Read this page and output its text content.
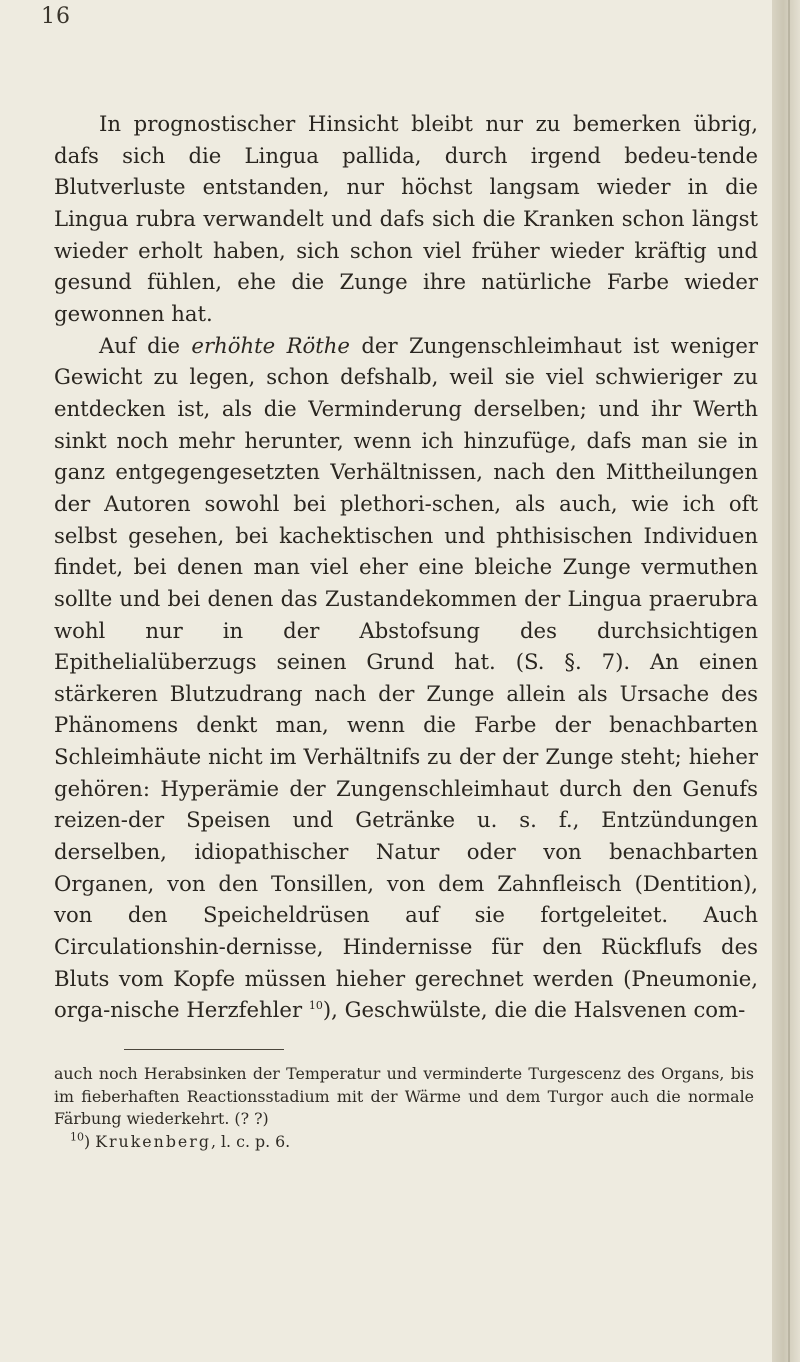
16

In prognostischer Hinsicht bleibt nur zu bemerken übrig, dafs sich die Lingua pallida, durch irgend bedeu-tende Blutverluste entstanden, nur höchst langsam wieder in die Lingua rubra verwandelt und dafs sich die Kranken schon längst wieder erholt haben, sich schon viel früher wieder kräftig und gesund fühlen, ehe die Zunge ihre natürliche Farbe wieder gewonnen hat.

Auf die erhöhte Röthe der Zungenschleimhaut ist weniger Gewicht zu legen, schon defshalb, weil sie viel schwieriger zu entdecken ist, als die Verminderung derselben; und ihr Werth sinkt noch mehr herunter, wenn ich hinzufüge, dafs man sie in ganz entgegengesetzten Verhältnissen, nach den Mittheilungen der Autoren sowohl bei plethori-schen, als auch, wie ich oft selbst gesehen, bei kachektischen und phthisischen Individuen findet, bei denen man viel eher eine bleiche Zunge vermuthen sollte und bei denen das Zustandekommen der Lingua praerubra wohl nur in der Abstofsung des durchsichtigen Epithelialüberzugs seinen Grund hat. (S. §. 7). An einen stärkeren Blutzudrang nach der Zunge allein als Ursache des Phänomens denkt man, wenn die Farbe der benachbarten Schleimhäute nicht im Verhältnifs zu der der Zunge steht; hieher gehören: Hyperämie der Zungenschleimhaut durch den Genufs reizen-der Speisen und Getränke u. s. f., Entzündungen derselben, idiopathischer Natur oder von benachbarten Organen, von den Tonsillen, von dem Zahnfleisch (Dentition), von den Speicheldrüsen auf sie fortgeleitet. Auch Circulationshin-dernisse, Hindernisse für den Rückflufs des Bluts vom Kopfe müssen hieher gerechnet werden (Pneumonie, orga-nische Herzfehler $^{10}$), Geschwülste, die die Halsvenen com-

auch noch Herabsinken der Temperatur und verminderte Turgescenz des Organs, bis im fieberhaften Reactionsstadium mit der Wärme und dem Turgor auch die normale Färbung wiederkehrt. (? ?)

$^{10}$) Krukenberg, l. c. p. 6.
